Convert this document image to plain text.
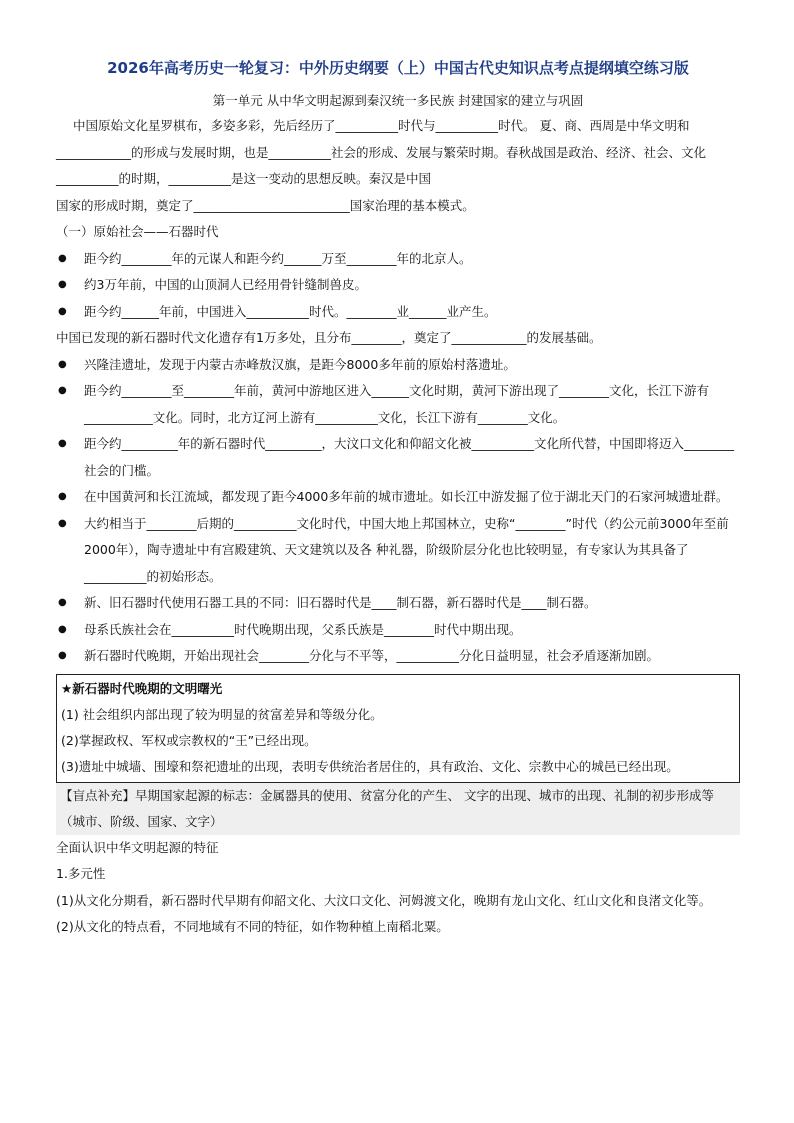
2026年高考历史一轮复习：中外历史纲要（上）中国古代史知识点考点提纲填空练习版
第一单元 从中华文明起源到秦汉统一多民族 封建国家的建立与巩固

中国原始文化星罗棋布，多姿多彩，先后经历了__________时代与__________时代。 夏、商、西周是中华文明和____________的形成与发展时期，也是__________社会的形成、发展与繁荣时期。春秋战国是政治、经济、社会、文化__________的时期，__________是这一变动的思想反映。秦汉是中国

国家的形成时期，奠定了_________________________国家治理的基本模式。

（一）原始社会——石器时代

● 距今约________年的元谋人和距今约______万至________年的北京人。
● 约3万年前，中国的山顶洞人已经用骨针缝制兽皮。
● 距今约______年前，中国进入__________时代。________业______业产生。

中国已发现的新石器时代文化遗存有1万多处，且分布________，奠定了____________的发展基础。

● 兴隆洼遗址，发现于内蒙古赤峰敖汉旗，是距今8000多年前的原始村落遗址。
● 距今约________至________年前，黄河中游地区进入______文化时期，黄河下游出现了________文化，长江下游有___________文化。同时，北方辽河上游有__________文化，长江下游有________文化。
● 距今约_________年的新石器时代_________，大汶口文化和仰韶文化被__________文化所代替，中国即将迈入________社会的门槛。
● 在中国黄河和长江流域，都发现了距今4000多年前的城市遗址。如长江中游发掘了位于湖北天门的石家河城遗址群。
● 大约相当于________后期的__________文化时代，中国大地上邦国林立，史称“________”时代（约公元前3000年至前2000年），陶寺遗址中有宫殿建筑、天文建筑以及各 种礼器，阶级阶层分化也比较明显，有专家认为其具备了__________的初始形态。
● 新、旧石器时代使用石器工具的不同：旧石器时代是____制石器，新石器时代是____制石器。
● 母系氏族社会在__________时代晚期出现，父系氏族是________时代中期出现。
● 新石器时代晚期，开始出现社会________分化与不平等，__________分化日益明显，社会矛盾逐渐加剧。

★新石器时代晚期的文明曙光

(1) 社会组织内部出现了较为明显的贫富差异和等级分化。

(2)掌握政权、军权或宗教权的“王”已经出现。

(3)遗址中城墙、围壕和祭祀遗址的出现，表明专供统治者居住的，具有政治、文化、宗教中心的城邑已经出现。

【盲点补充】早期国家起源的标志：金属器具的使用、贫富分化的产生、 文字的出现、城市的出现、礼制的初步形成等（城市、阶级、国家、文字）

全面认识中华文明起源的特征

1.多元性

(1)从文化分期看，新石器时代早期有仰韶文化、大汶口文化、河姆渡文化，晚期有龙山文化、红山文化和良渚文化等。

(2)从文化的特点看，不同地域有不同的特征，如作物种植上南稻北粟。
